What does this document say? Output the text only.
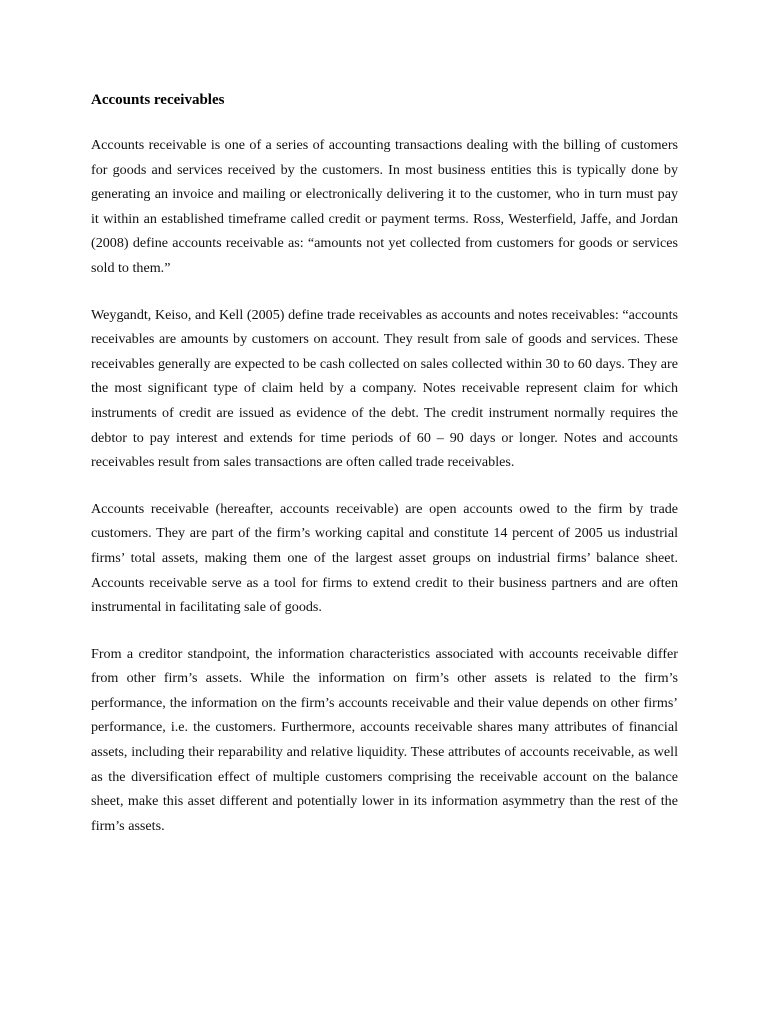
Accounts receivables

Accounts receivable is one of a series of accounting transactions dealing with the billing of customers for goods and services received by the customers. In most business entities this is typically done by generating an invoice and mailing or electronically delivering it to the customer, who in turn must pay it within an established timeframe called credit or payment terms. Ross, Westerfield, Jaffe, and Jordan (2008) define accounts receivable as: “amounts not yet collected from customers for goods or services sold to them.”

Weygandt, Keiso, and Kell (2005) define trade receivables as accounts and notes receivables: “accounts receivables are amounts by customers on account. They result from sale of goods and services. These receivables generally are expected to be cash collected on sales collected within 30 to 60 days. They are the most significant type of claim held by a company. Notes receivable represent claim for which instruments of credit are issued as evidence of the debt. The credit instrument normally requires the debtor to pay interest and extends for time periods of 60 – 90 days or longer. Notes and accounts receivables result from sales transactions are often called trade receivables.

Accounts receivable (hereafter, accounts receivable) are open accounts owed to the firm by trade customers. They are part of the firm’s working capital and constitute 14 percent of 2005 us industrial firms’ total assets, making them one of the largest asset groups on industrial firms’ balance sheet. Accounts receivable serve as a tool for firms to extend credit to their business partners and are often instrumental in facilitating sale of goods.

From a creditor standpoint, the information characteristics associated with accounts receivable differ from other firm’s assets. While the information on firm’s other assets is related to the firm’s performance, the information on the firm’s accounts receivable and their value depends on other firms’ performance, i.e. the customers. Furthermore, accounts receivable shares many attributes of financial assets, including their reparability and relative liquidity. These attributes of accounts receivable, as well as the diversification effect of multiple customers comprising the receivable account on the balance sheet, make this asset different and potentially lower in its information asymmetry than the rest of the firm’s assets.
